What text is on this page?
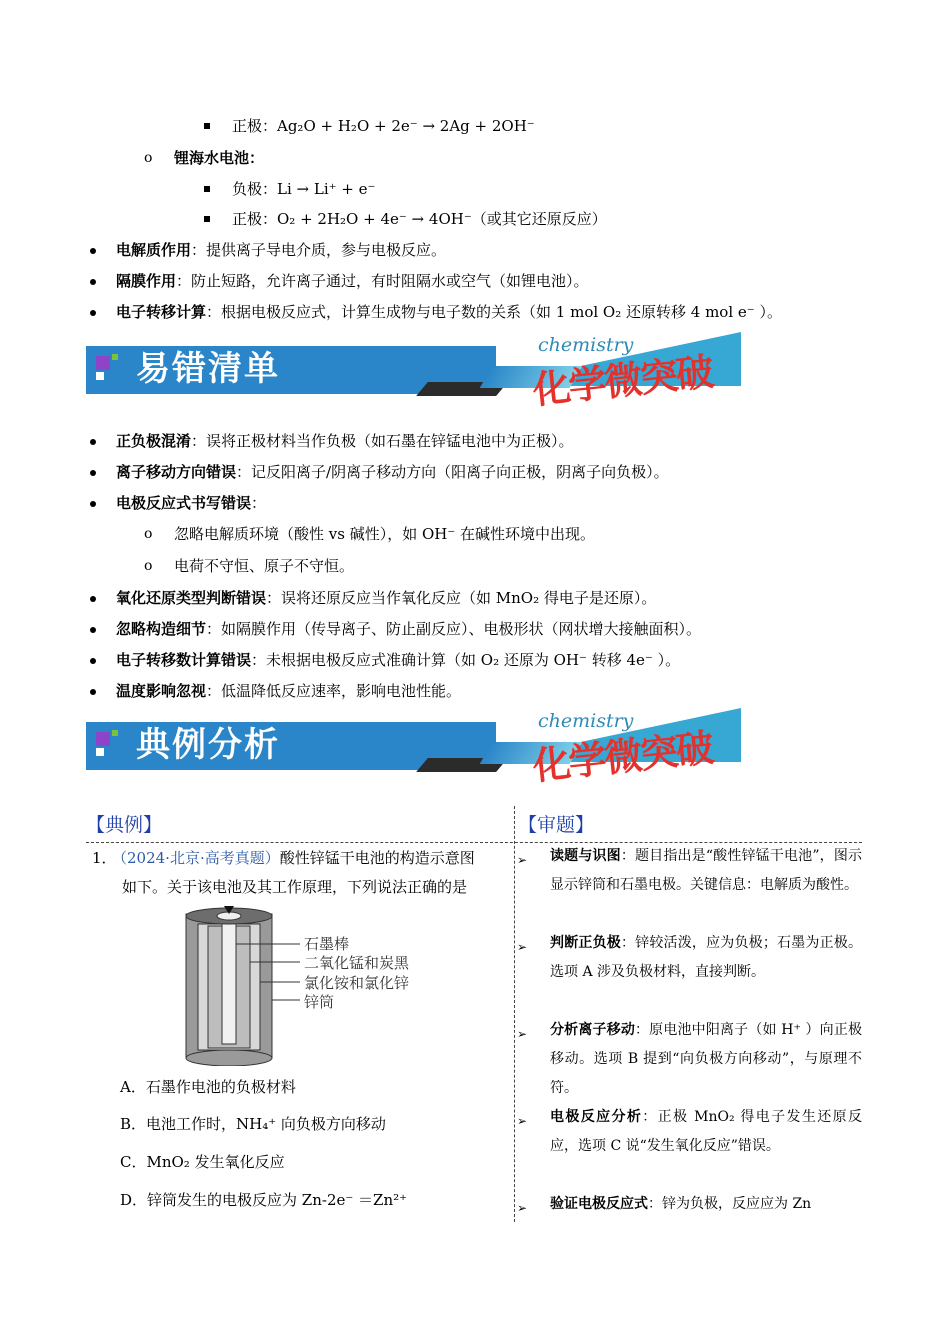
正极：Ag₂O + H₂O + 2e⁻ → 2Ag + 2OH⁻
o 锂海水电池：
负极：Li → Li⁺ + e⁻
正极：O₂ + 2H₂O + 4e⁻ → 4OH⁻（或其它还原反应）
电解质作用：提供离子导电介质，参与电极反应。
隔膜作用：防止短路，允许离子通过，有时阻隔水或空气（如锂电池）。
电子转移计算：根据电极反应式，计算生成物与电子数的关系（如 1 mol O₂ 还原转移 4 mol e⁻ ）。
易错清单
chemistry
化学微突破
正负极混淆：误将正极材料当作负极（如石墨在锌锰电池中为正极）。
离子移动方向错误：记反阳离子/阴离子移动方向（阳离子向正极，阴离子向负极）。
电极反应式书写错误：
o 忽略电解质环境（酸性 vs 碱性），如 OH⁻ 在碱性环境中出现。
o 电荷不守恒、原子不守恒。
氧化还原类型判断错误：误将还原反应当作氧化反应（如 MnO₂ 得电子是还原）。
忽略构造细节：如隔膜作用（传导离子、防止副反应）、电极形状（网状增大接触面积）。
电子转移数计算错误：未根据电极反应式准确计算（如 O₂ 还原为 OH⁻ 转移 4e⁻ ）。
温度影响忽视：低温降低反应速率，影响电池性能。
典例分析
chemistry
化学微突破
【典例】	【审题】
1．
（2024·北京·高考真题）酸性锌锰干电池的构造示意图
如下。关于该电池及其工作原理，下列说法正确的是
石墨棒
二氧化锰和炭黑
氯化铵和氯化锌
锌筒
A．石墨作电池的负极材料
B．电池工作时，NH₄⁺ 向负极方向移动
C．MnO₂ 发生氧化反应
D．锌筒发生的电极反应为 Zn-2e⁻ ＝Zn²⁺
➢ 读题与识图：题目指出是“酸性锌锰干电池”，图示显示锌筒和石墨电极。关键信息：电解质为酸性。
➢ 判断正负极：锌较活泼，应为负极；石墨为正极。选项 A 涉及负极材料，直接判断。
➢ 分析离子移动：原电池中阳离子（如 H⁺ ）向正极移动。选项 B 提到“向负极方向移动”，与原理不符。
➢ 电极反应分析：正极 MnO₂ 得电子发生还原反应，选项 C 说“发生氧化反应”错误。
➢ 验证电极反应式：锌为负极，反应应为 Zn
